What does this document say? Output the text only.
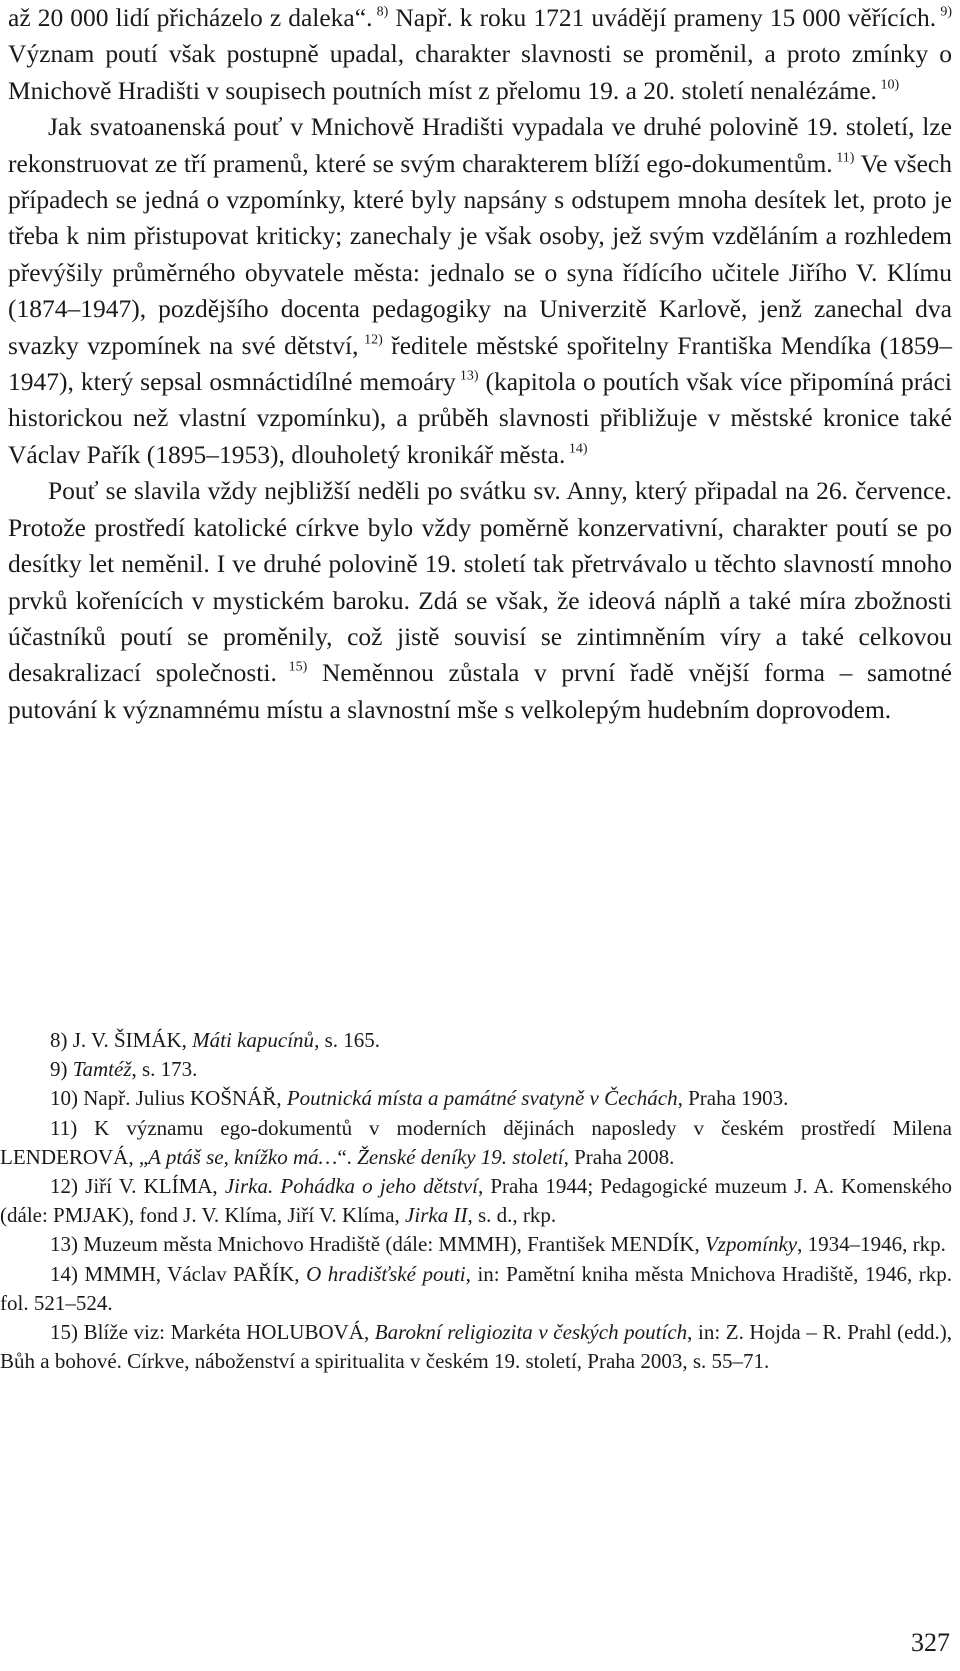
až 20 000 lidí přicházelo z daleka“. $^{8)}$ Např. k roku 1721 uvádějí prameny 15 000 věřících. $^{9)}$ Význam poutí však postupně upadal, charakter slavnosti se proměnil, a proto zmínky o Mnichově Hradišti v soupisech poutních míst z přelomu 19. a 20. století nenalézáme. $^{10)}$

Jak svatoanenská pouť v Mnichově Hradišti vypadala ve druhé polovině 19. století, lze rekonstruovat ze tří pramenů, které se svým charakterem blíží ego-dokumentům. $^{11)}$ Ve všech případech se jedná o vzpomínky, které byly napsány s odstupem mnoha desítek let, proto je třeba k nim přistupovat kriticky; zanechaly je však osoby, jež svým vzděláním a rozhledem převýšily průměrného obyvatele města: jednalo se o syna řídícího učitele Jiřího V. Klímu (1874–1947), pozdějšího docenta pedagogiky na Univerzitě Karlově, jenž zanechal dva svazky vzpomínek na své dětství, $^{12)}$ ředitele městské spořitelny Františka Mendíka (1859–1947), který sepsal osmnáctidílné memoáry $^{13)}$ (kapitola o poutích však více připomíná práci historickou než vlastní vzpomínku), a průběh slavnosti přibližuje v městské kronice také Václav Pařík (1895–1953), dlouholetý kronikář města. $^{14)}$

Pouť se slavila vždy nejbližší neděli po svátku sv. Anny, který připadal na 26. července. Protože prostředí katolické církve bylo vždy poměrně konzervativní, charakter poutí se po desítky let neměnil. I ve druhé polovině 19. století tak přetrvávalo u těchto slavností mnoho prvků kořenících v mystickém baroku. Zdá se však, že ideová náplň a také míra zbožnosti účastníků poutí se proměnily, což jistě souvisí se zintimněním víry a také celkovou desakralizací společnosti. $^{15)}$ Neměnnou zůstala v první řadě vnější forma – samotné putování k významnému místu a slavnostní mše s velkolepým hudebním doprovodem.

8) J. V. ŠIMÁK, Máti kapucínů, s. 165.

9) Tamtéž, s. 173.

10) Např. Julius KOŠNÁŘ, Poutnická místa a památné svatyně v Čechách, Praha 1903.

11) K významu ego-dokumentů v moderních dějinách naposledy v českém prostředí Milena LENDEROVÁ, „A ptáš se, knížko má…“. Ženské deníky 19. století, Praha 2008.

12) Jiří V. KLÍMA, Jirka. Pohádka o jeho dětství, Praha 1944; Pedagogické muzeum J. A. Komenského (dále: PMJAK), fond J. V. Klíma, Jiří V. Klíma, Jirka II, s. d., rkp.

13) Muzeum města Mnichovo Hradiště (dále: MMMH), František MENDÍK, Vzpomínky, 1934–1946, rkp.

14) MMMH, Václav PAŘÍK, O hradišťské pouti, in: Pamětní kniha města Mnichova Hradiště, 1946, rkp. fol. 521–524.

15) Blíže viz: Markéta HOLUBOVÁ, Barokní religiozita v českých poutích, in: Z. Hojda – R. Prahl (edd.), Bůh a bohové. Církve, náboženství a spiritualita v českém 19. století, Praha 2003, s. 55–71.

327
